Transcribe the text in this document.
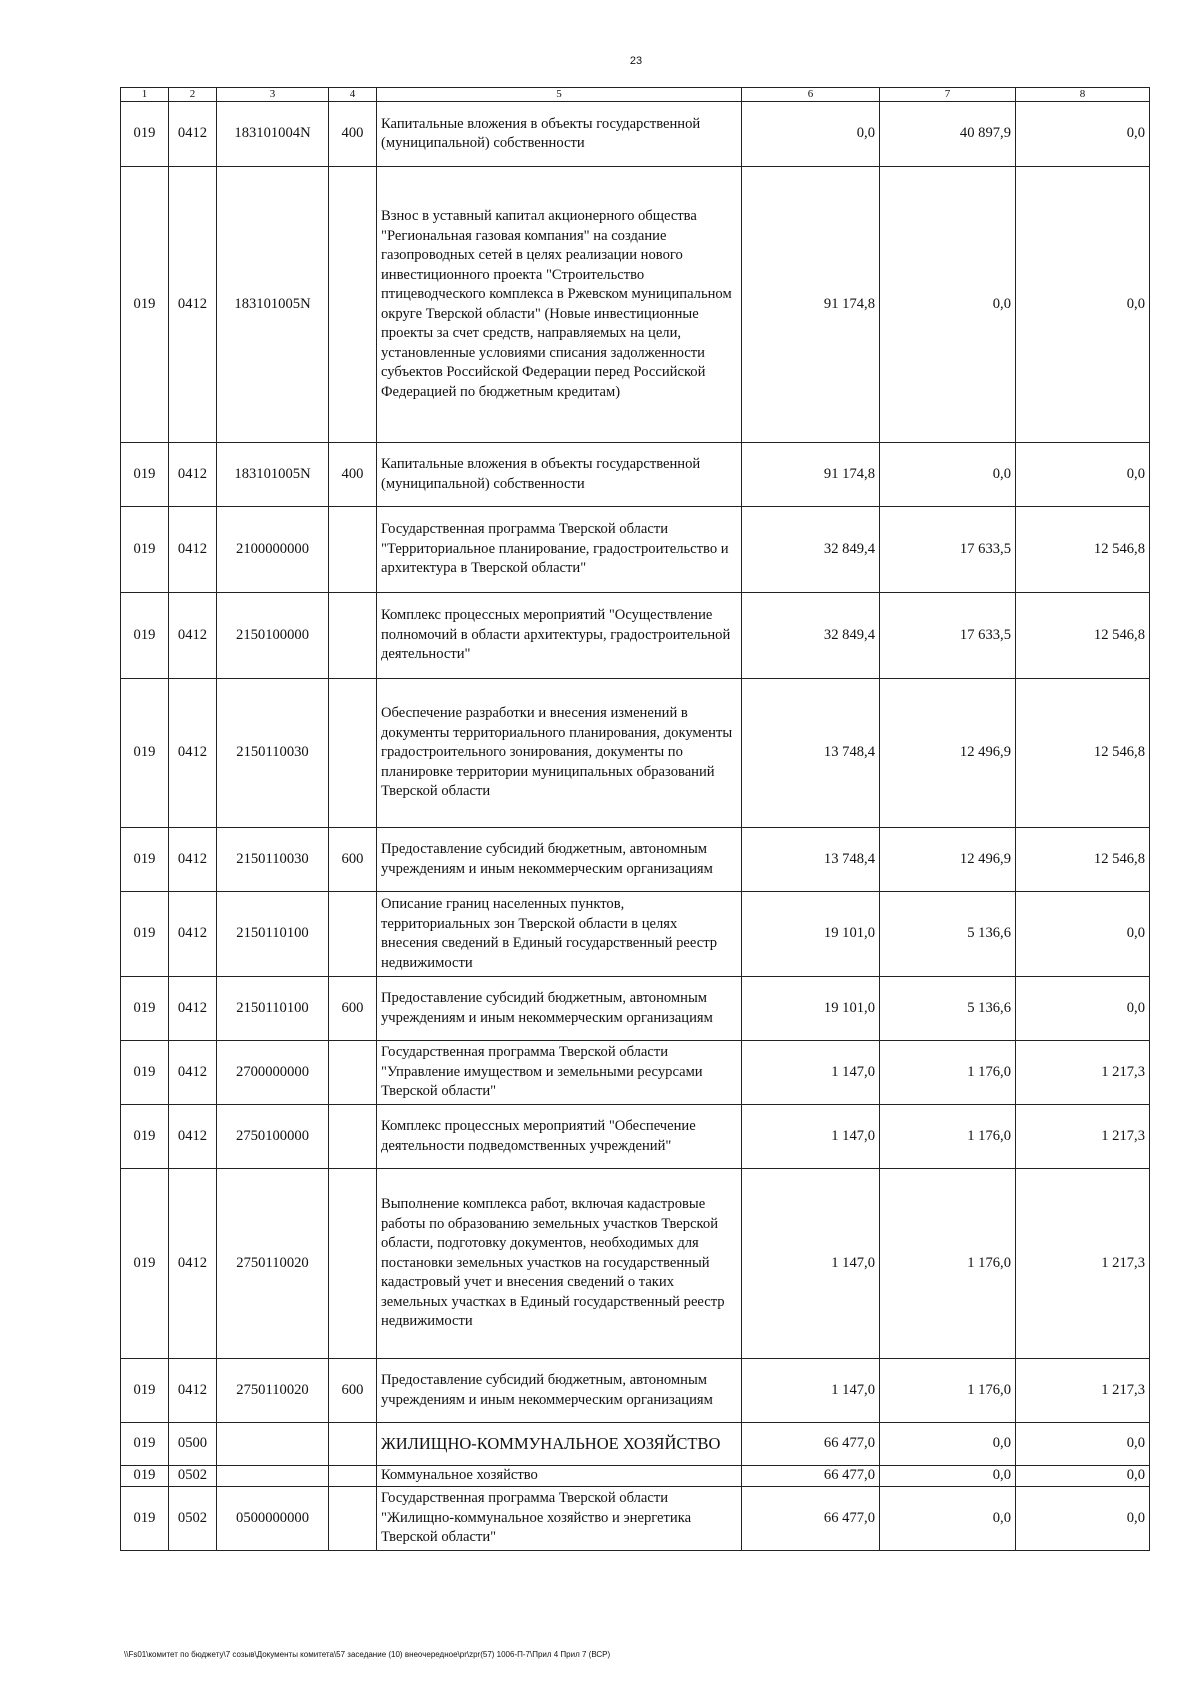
23
1	2	3	4	5	6	7	8
019	0412	183101004N	400	Капитальные вложения в объекты государственной (муниципальной) собственности	0,0	40 897,9	0,0
019	0412	183101005N		Взнос в уставный капитал акционерного общества "Региональная газовая компания" на создание газопроводных сетей в целях реализации нового инвестиционного проекта "Строительство птицеводческого комплекса в Ржевском муниципальном округе Тверской области" (Новые инвестиционные проекты за счет средств, направляемых на цели, установленные условиями списания задолженности субъектов Российской Федерации перед Российской Федерацией по бюджетным кредитам)	91 174,8	0,0	0,0
019	0412	183101005N	400	Капитальные вложения в объекты государственной (муниципальной) собственности	91 174,8	0,0	0,0
019	0412	2100000000		Государственная программа Тверской области "Территориальное планирование, градостроительство и архитектура в Тверской области"	32 849,4	17 633,5	12 546,8
019	0412	2150100000		Комплекс процессных мероприятий "Осуществление полномочий в области архитектуры, градостроительной деятельности"	32 849,4	17 633,5	12 546,8
019	0412	2150110030		Обеспечение разработки и внесения изменений в документы территориального планирования, документы градостроительного зонирования, документы по планировке территории муниципальных образований Тверской области	13 748,4	12 496,9	12 546,8
019	0412	2150110030	600	Предоставление субсидий бюджетным, автономным учреждениям и иным некоммерческим организациям	13 748,4	12 496,9	12 546,8
019	0412	2150110100		Описание границ населенных пунктов, территориальных зон Тверской области в целях внесения сведений в Единый государственный реестр недвижимости	19 101,0	5 136,6	0,0
019	0412	2150110100	600	Предоставление субсидий бюджетным, автономным учреждениям и иным некоммерческим организациям	19 101,0	5 136,6	0,0
019	0412	2700000000		Государственная программа Тверской области "Управление имуществом и земельными ресурсами Тверской области"	1 147,0	1 176,0	1 217,3
019	0412	2750100000		Комплекс процессных мероприятий "Обеспечение деятельности подведомственных учреждений"	1 147,0	1 176,0	1 217,3
019	0412	2750110020		Выполнение комплекса работ, включая кадастровые работы по образованию земельных участков Тверской области, подготовку документов, необходимых для постановки земельных участков на государственный кадастровый учет и внесения сведений о таких земельных участках в Единый государственный реестр недвижимости	1 147,0	1 176,0	1 217,3
019	0412	2750110020	600	Предоставление субсидий бюджетным, автономным учреждениям и иным некоммерческим организациям	1 147,0	1 176,0	1 217,3
019	0500			ЖИЛИЩНО-КОММУНАЛЬНОЕ ХОЗЯЙСТВО	66 477,0	0,0	0,0
019	0502			Коммунальное хозяйство	66 477,0	0,0	0,0
019	0502	0500000000		Государственная программа Тверской области "Жилищно-коммунальное хозяйство и энергетика Тверской области"	66 477,0	0,0	0,0
\\Fs01\комитет по бюджету\7 созыв\Документы комитета\57 заседание (10) внеочередное\pr\zpr(57) 1006-П-7\Прил 4 Прил 7 (ВСР)
